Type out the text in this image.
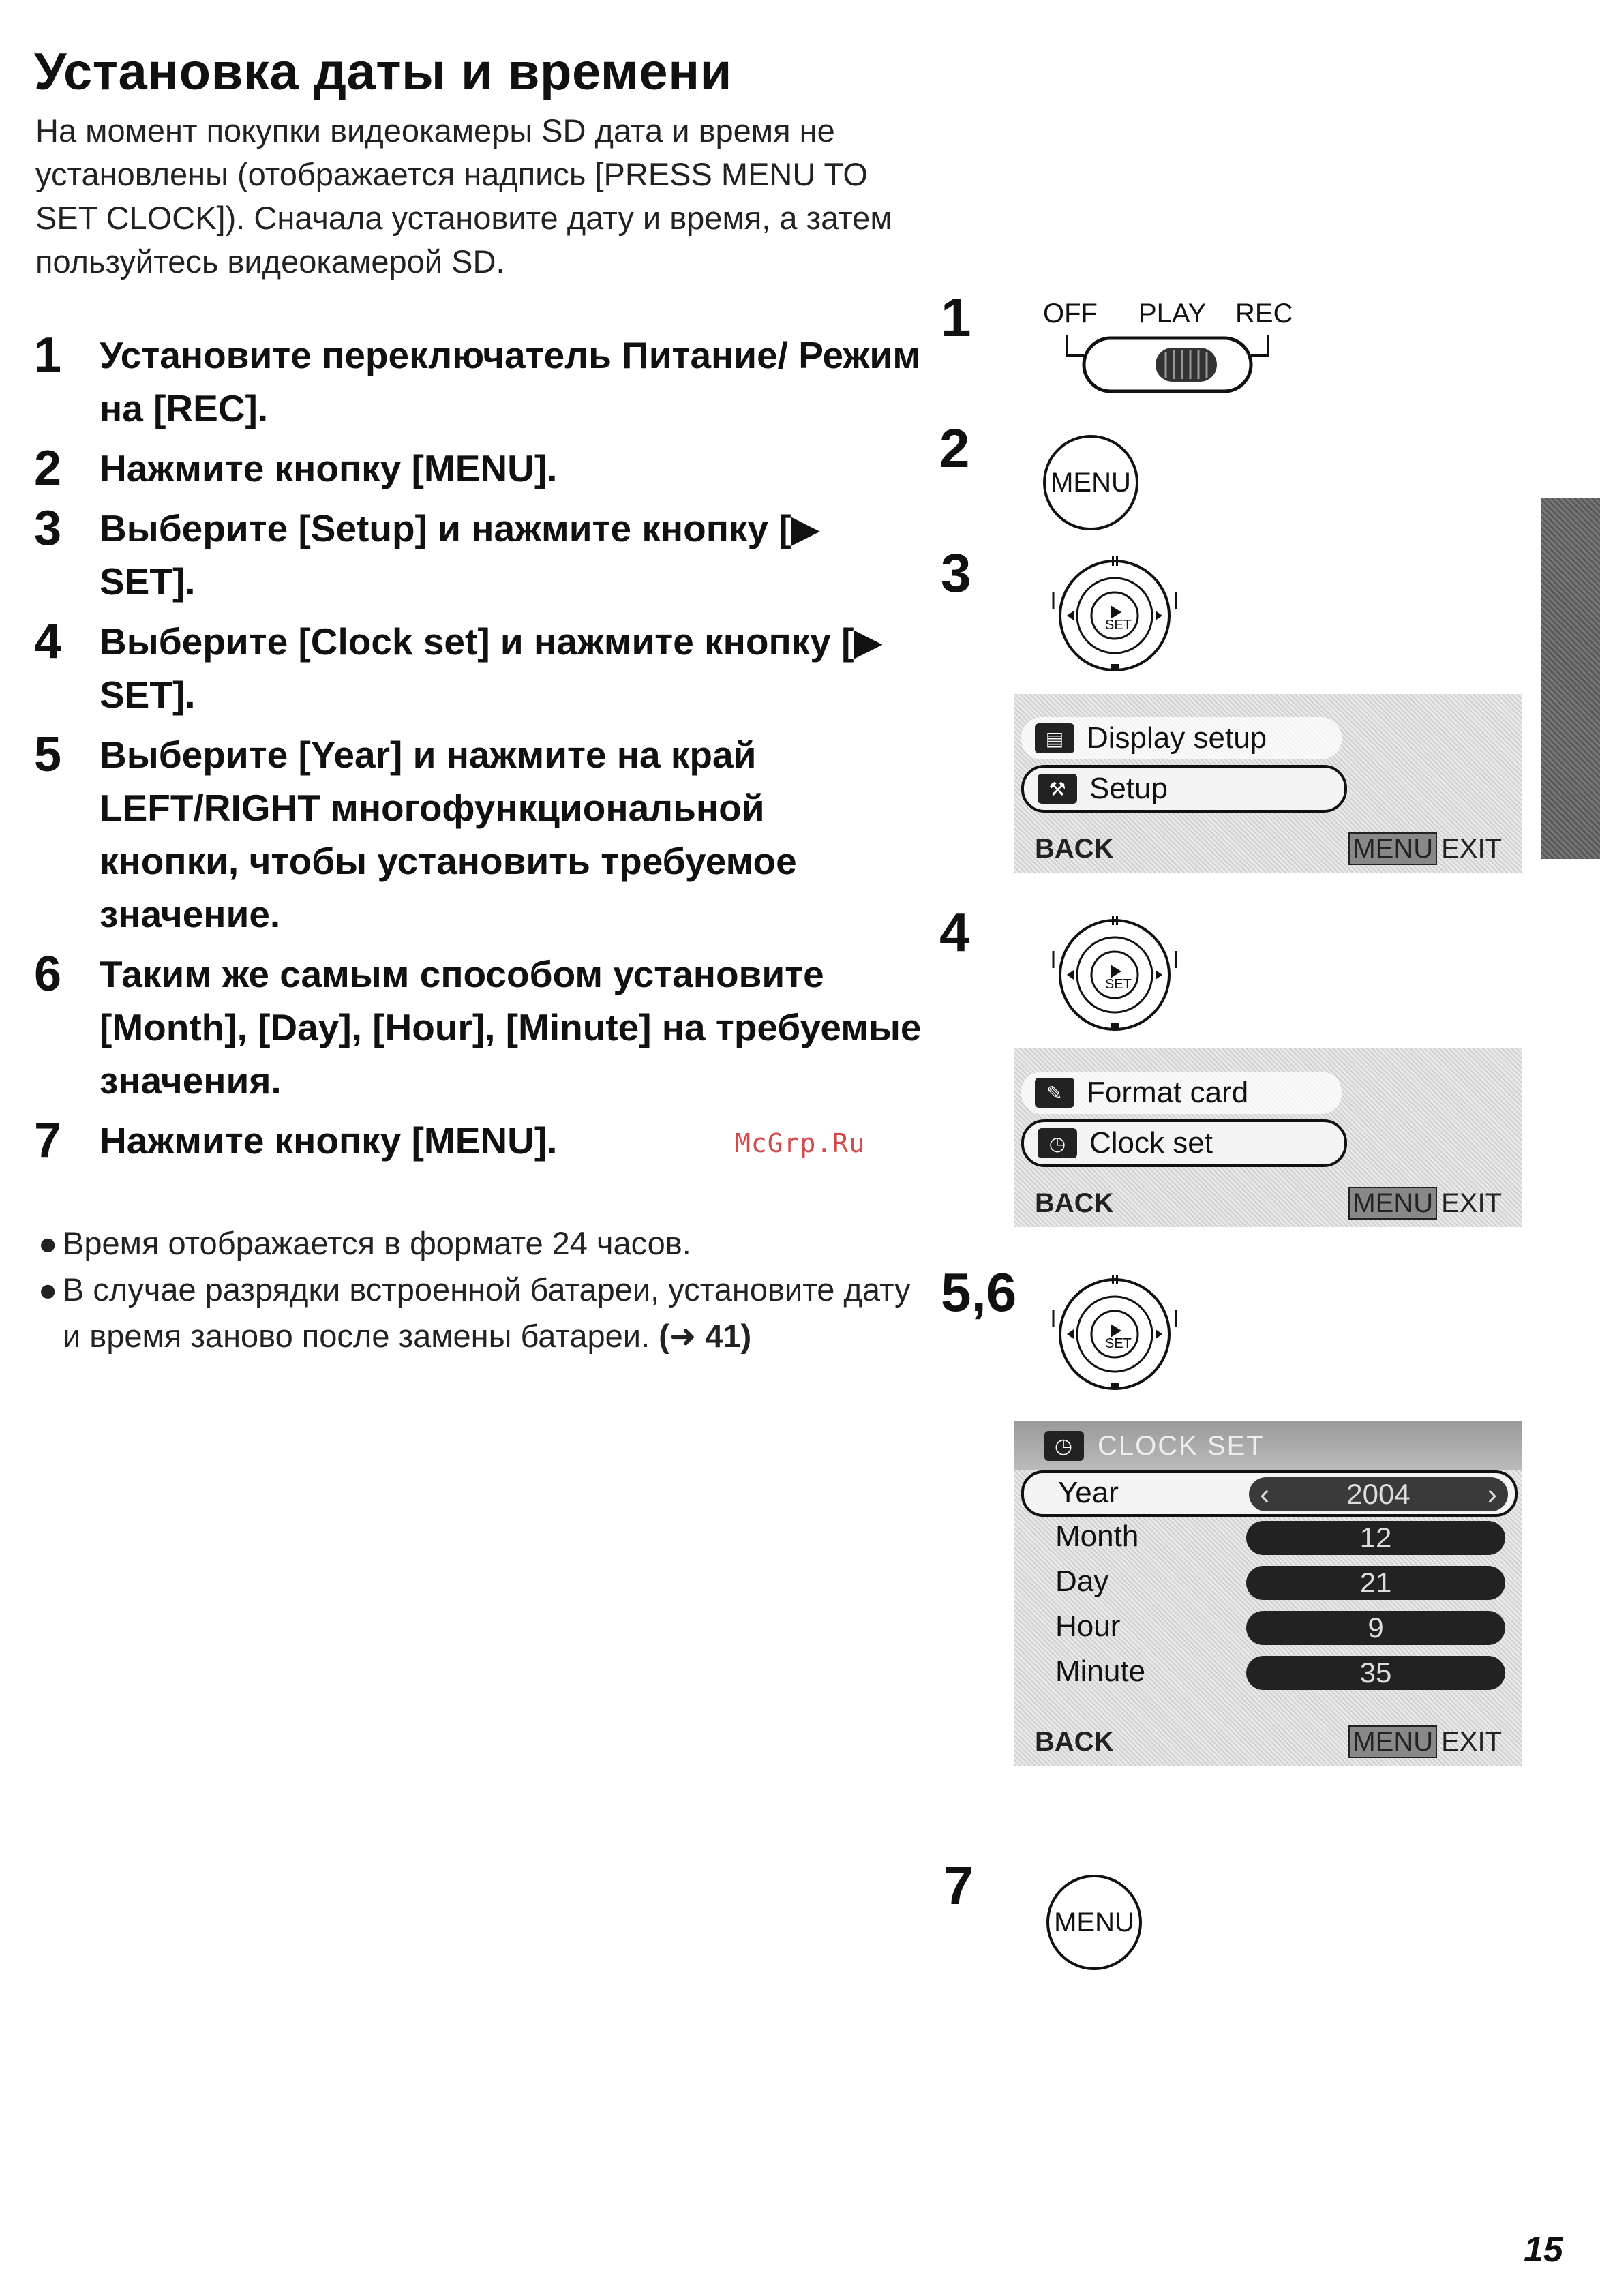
Установка даты и времени

На момент покупки видеокамеры SD дата и время не установлены (отображается надпись [PRESS MENU TO SET CLOCK]). Сначала установите дату и время, а затем пользуйтесь видеокамерой SD.

1 Установите переключатель Питание/ Режим на [REC].
2 Нажмите кнопку [MENU].
3 Выберите [Setup] и нажмите кнопку [▶ SET].
4 Выберите [Clock set] и нажмите кнопку [▶ SET].
5 Выберите [Year] и нажмите на край LEFT/RIGHT многофункциональной кнопки, чтобы установить требуемое значение.
6 Таким же самым способом установите [Month], [Day], [Hour], [Minute] на требуемые значения.
7 Нажмите кнопку [MENU].	McGrp.Ru

● Время отображается в формате 24 часов.

● В случае разрядки встроенной батареи, установите дату и время заново после замены батареи. (➜ 41)

1	OFF PLAY REC
2
MENU
3
SET
▤ Display setup
⚒ Setup
BACK	MENU EXIT
4
SET
✎ Format card
◷ Clock set
BACK	MENU EXIT
5,6
SET
◷ CLOCK SET
Year	‹	2004	›
Month	12
Day	21
Hour	9
Minute	35
BACK	MENU EXIT
7
MENU
15
